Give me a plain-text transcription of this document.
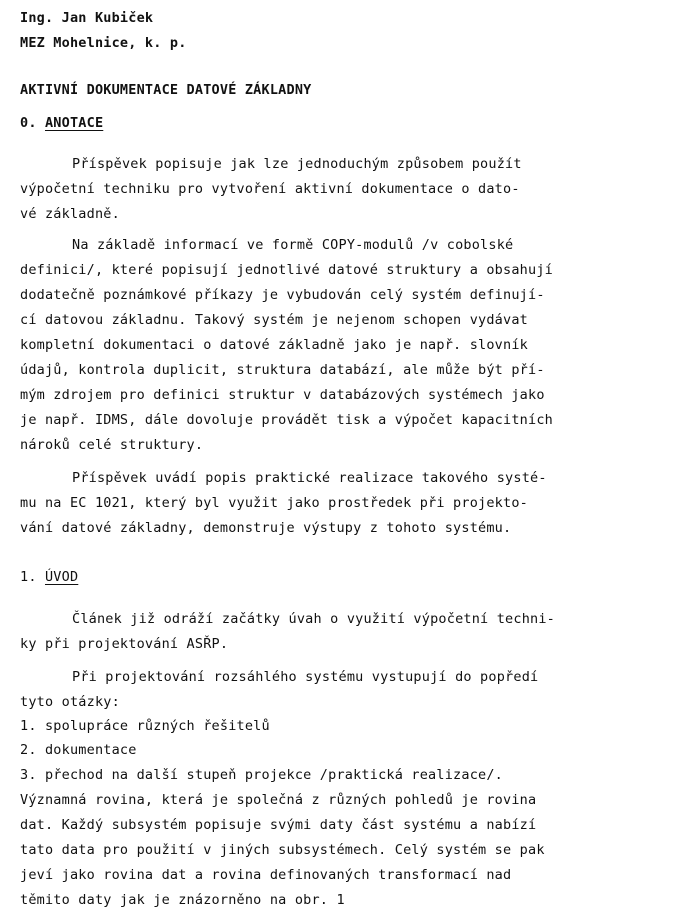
Ing. Jan Kubiček
MEZ Mohelnice, k. p.
AKTIVNÍ DOKUMENTACE DATOVÉ ZÁKLADNY
0. ANOTACE
Příspěvek popisuje jak lze jednoduchým způsobem použít
výpočetní techniku pro vytvoření aktivní dokumentace o dato-
vé základně.
Na základě informací ve formě COPY-modulů /v cobolské
definici/, které popisují jednotlivé datové struktury a obsahují
dodatečně poznámkové příkazy je vybudován celý systém definují-
cí datovou základnu. Takový systém je nejenom schopen vydávat
kompletní dokumentaci o datové základně jako je např. slovník
údajů, kontrola duplicit, struktura databází, ale může být pří-
mým zdrojem pro definici struktur v databázových systémech jako
je např. IDMS, dále dovoluje provádět tisk a výpočet kapacitních
nároků celé struktury.
Příspěvek uvádí popis praktické realizace takového systé-
mu na EC 1021, který byl využit jako prostředek při projekto-
vání datové základny, demonstruje výstupy z tohoto systému.
1. ÚVOD
Článek již odráží začátky úvah o využití výpočetní techni-
ky při projektování ASŘP.
Při projektování rozsáhlého systému vystupují do popředí
tyto otázky:
1. spolupráce různých řešitelů
2. dokumentace
3. přechod na další stupeň projekce /praktická realizace/.
Významná rovina, která je společná z různých pohledů je rovina
dat. Každý subsystém popisuje svými daty část systému a nabízí
tato data pro použití v jiných subsystémech. Celý systém se pak
jeví jako rovina dat a rovina definovaných transformací nad
těmito daty jak je znázorněno na obr. 1
